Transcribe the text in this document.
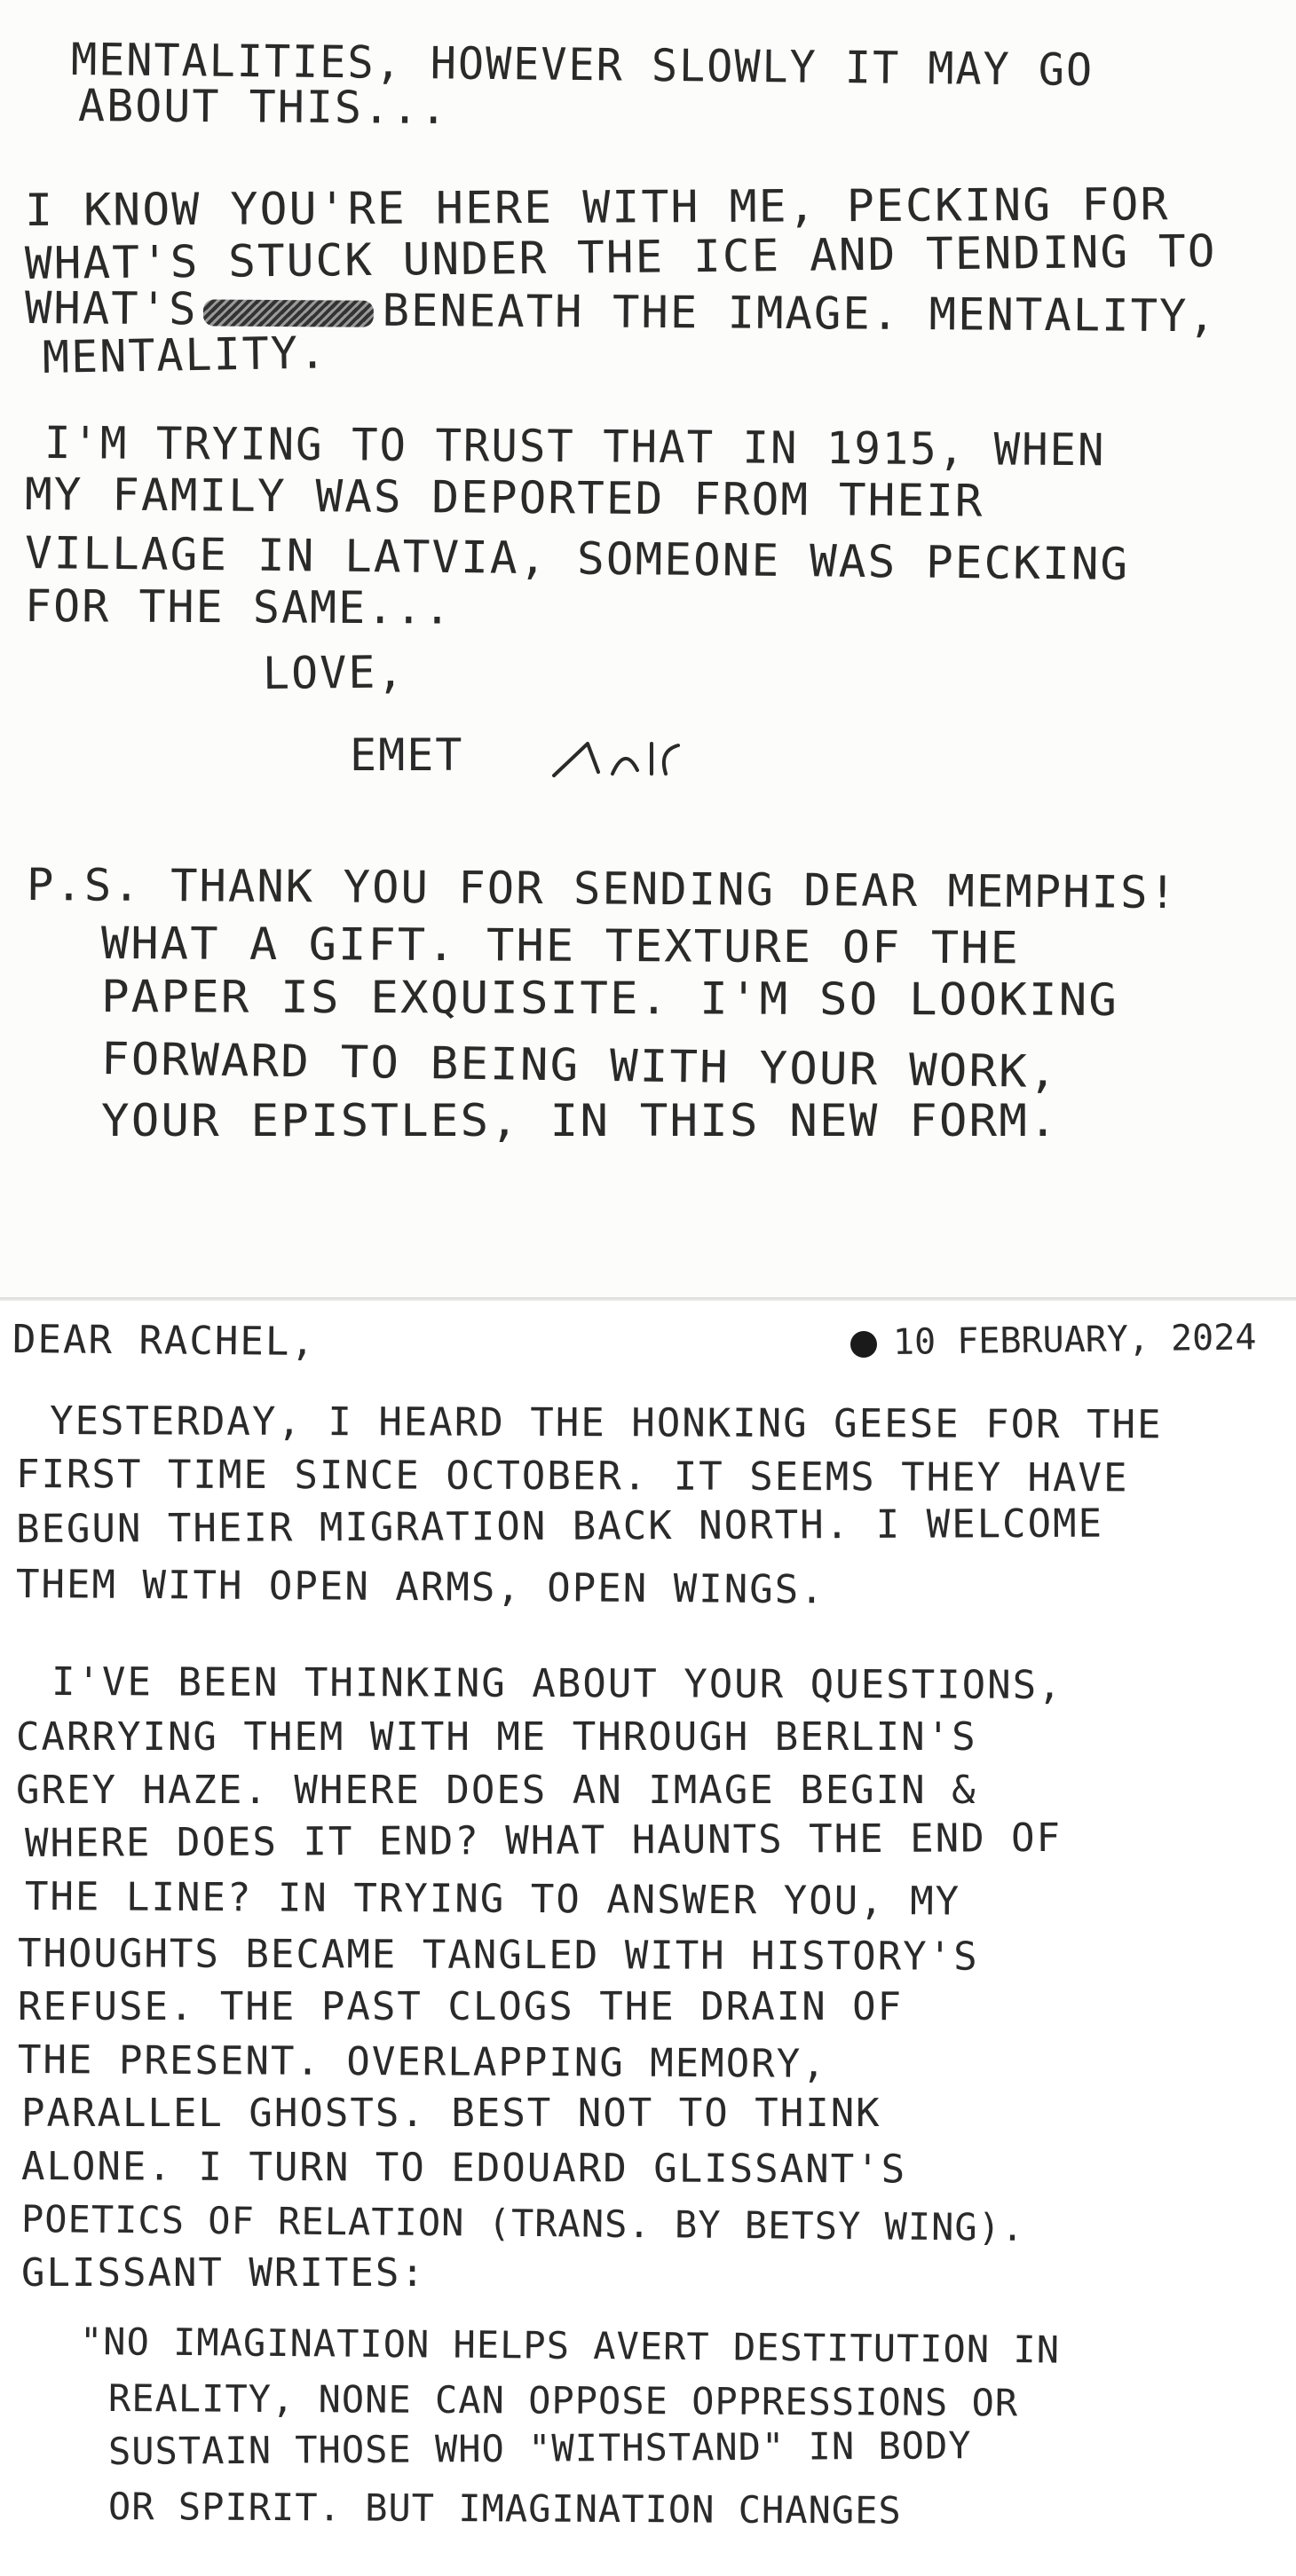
MENTALITIES, HOWEVER SLOWLY IT MAY GO
ABOUT THIS...
I KNOW YOU'RE HERE WITH ME, PECKING FOR
WHAT'S STUCK UNDER THE ICE AND TENDING TO
WHAT'S	BENEATH THE IMAGE. MENTALITY,
MENTALITY.
I'M TRYING TO TRUST THAT IN 1915, WHEN
MY FAMILY WAS DEPORTED FROM THEIR
VILLAGE IN LATVIA, SOMEONE WAS PECKING
FOR THE SAME...
LOVE,
EMET
P.S. THANK YOU FOR SENDING DEAR MEMPHIS!
WHAT A GIFT. THE TEXTURE OF THE
PAPER IS EXQUISITE. I'M SO LOOKING
FORWARD TO BEING WITH YOUR WORK,
YOUR EPISTLES, IN THIS NEW FORM.
DEAR RACHEL,	10 FEBRUARY, 2024
YESTERDAY, I HEARD THE HONKING GEESE FOR THE
FIRST TIME SINCE OCTOBER. IT SEEMS THEY HAVE
BEGUN THEIR MIGRATION BACK NORTH. I WELCOME
THEM WITH OPEN ARMS, OPEN WINGS.
I'VE BEEN THINKING ABOUT YOUR QUESTIONS,
CARRYING THEM WITH ME THROUGH BERLIN'S
GREY HAZE. WHERE DOES AN IMAGE BEGIN &
WHERE DOES IT END? WHAT HAUNTS THE END OF
THE LINE? IN TRYING TO ANSWER YOU, MY
THOUGHTS BECAME TANGLED WITH HISTORY'S
REFUSE. THE PAST CLOGS THE DRAIN OF
THE PRESENT. OVERLAPPING MEMORY,
PARALLEL GHOSTS. BEST NOT TO THINK
ALONE. I TURN TO EDOUARD GLISSANT'S
POETICS OF RELATION (TRANS. BY BETSY WING).
GLISSANT WRITES:
"NO IMAGINATION HELPS AVERT DESTITUTION IN
REALITY, NONE CAN OPPOSE OPPRESSIONS OR
SUSTAIN THOSE WHO "WITHSTAND" IN BODY
OR SPIRIT. BUT IMAGINATION CHANGES
